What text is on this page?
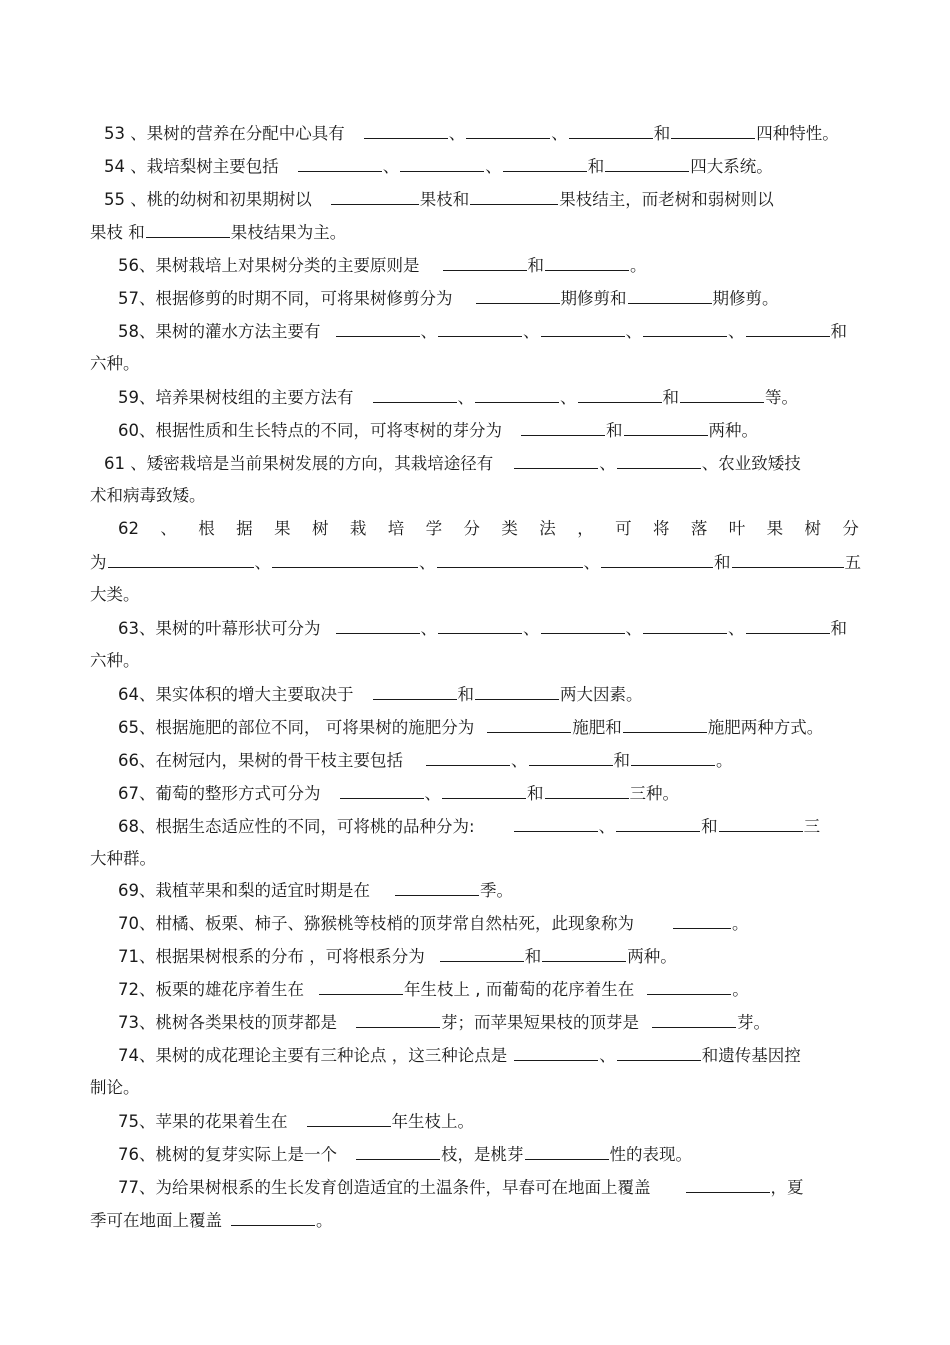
53 、果树的营养在分配中心具有	、	、	和	四种特性。
54 、栽培梨树主要包括	、	、	和	四大系统。
55 、桃的幼树和初果期树以	果枝和	果枝结主，而老树和弱树则以
果枝 和	果枝结果为主。
56、果树栽培上对果树分类的主要原则是	和	。
57、根据修剪的时期不同，可将果树修剪分为	期修剪和	期修剪。
58、果树的灌水方法主要有	、	、	、	、	和
六种。
59、培养果树枝组的主要方法有	、	、	和	等。
60、根据性质和生长特点的不同，可将枣树的芽分为	和	两种。
61 、矮密栽培是当前果树发展的方向，其栽培途径有	、	、农业致矮技
术和病毒致矮。
62 、 根 据 果 树 栽 培 学 分 类 法 ， 可 将 落 叶 果 树 分
为	、	、	、	和	五
大类。
63、果树的叶幕形状可分为	、	、	、	、	和
六种。
64、果实体积的增大主要取决于	和	两大因素。
65、根据施肥的部位不同， 可将果树的施肥分为	施肥和	施肥两种方式。
66、在树冠内，果树的骨干枝主要包括	、	和	。
67、葡萄的整形方式可分为	、	和	三种。
68、根据生态适应性的不同，可将桃的品种分为:	、	和	三
大种群。
69、栽植苹果和梨的适宜时期是在	季。
70、柑橘、板栗、柿子、猕猴桃等枝梢的顶芽常自然枯死，此现象称为	。
71、根据果树根系的分布 ，可将根系分为	和	两种。
72、板栗的雄花序着生在	年生枝上 , 而葡萄的花序着生在	。
73、桃树各类果枝的顶芽都是	芽；而苹果短果枝的顶芽是	芽。
74、果树的成花理论主要有三种论点 ，这三种论点是	、	和遗传基因控
制论。
75、苹果的花果着生在	年生枝上。
76、桃树的复芽实际上是一个	枝，是桃芽	性的表现。
77、为给果树根系的生长发育创造适宜的土温条件，早春可在地面上覆盖	，夏
季可在地面上覆盖	。
